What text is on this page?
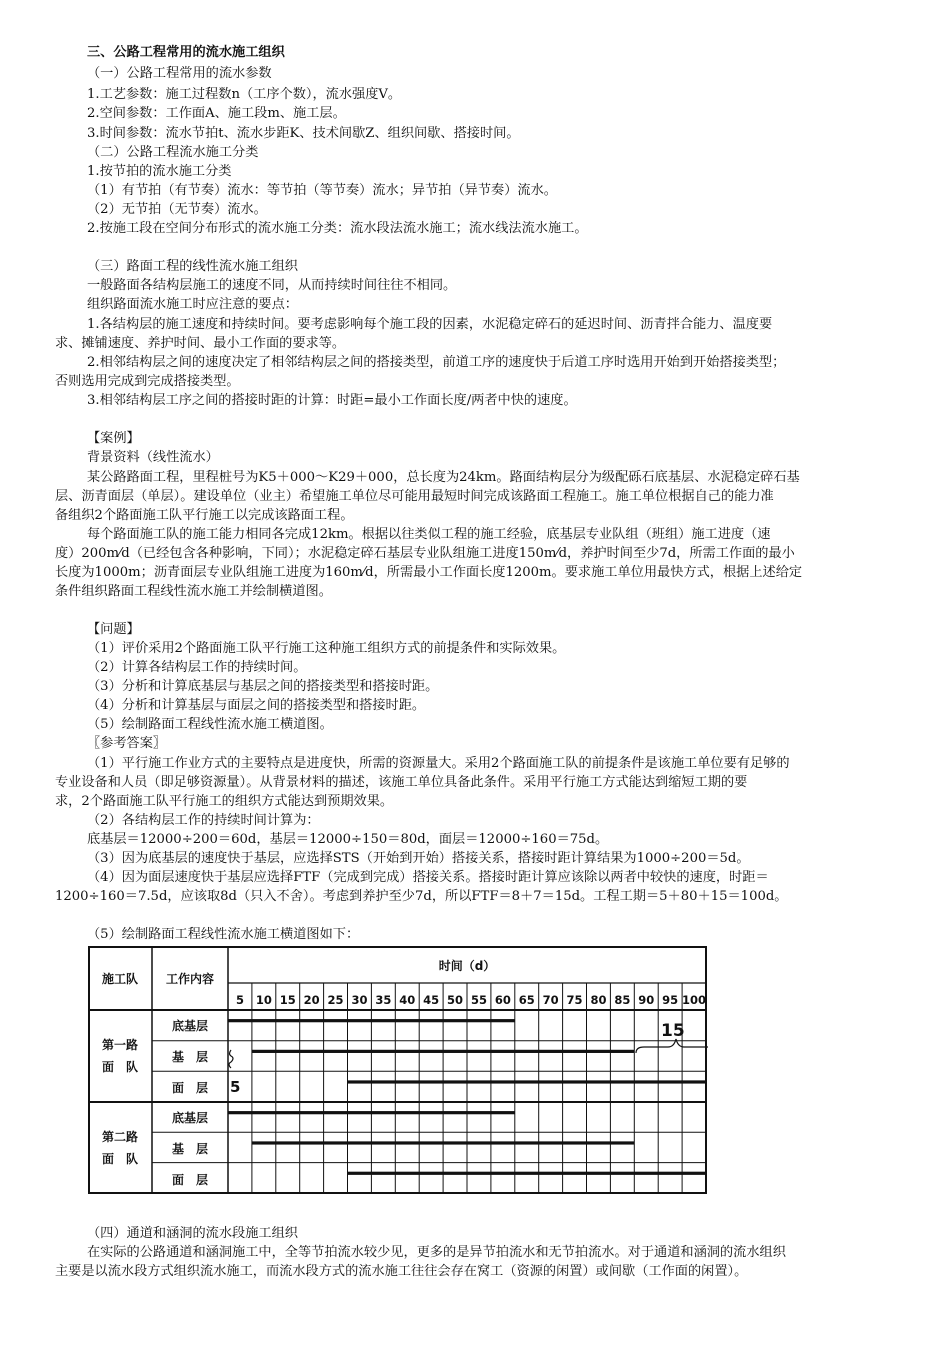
三、公路工程常用的流水施工组织
（一）公路工程常用的流水参数
1.工艺参数：施工过程数n（工序个数），流水强度V。
2.空间参数：工作面A、施工段m、施工层。
3.时间参数：流水节拍t、流水步距K、技术间歇Z、组织间歇、搭接时间。
（二）公路工程流水施工分类
1.按节拍的流水施工分类
（1）有节拍（有节奏）流水：等节拍（等节奏）流水；异节拍（异节奏）流水。
（2）无节拍（无节奏）流水。
2.按施工段在空间分布形式的流水施工分类：流水段法流水施工；流水线法流水施工。
（三）路面工程的线性流水施工组织
一般路面各结构层施工的速度不同，从而持续时间往往不相同。
组织路面流水施工时应注意的要点：
1.各结构层的施工速度和持续时间。要考虑影响每个施工段的因素，水泥稳定碎石的延迟时间、沥青拌合能力、温度要
求、摊铺速度、养护时间、最小工作面的要求等。
2.相邻结构层之间的速度决定了相邻结构层之间的搭接类型，前道工序的速度快于后道工序时选用开始到开始搭接类型；
否则选用完成到完成搭接类型。
3.相邻结构层工序之间的搭接时距的计算：时距=最小工作面长度/两者中快的速度。
【案例】
背景资料（线性流水）
某公路路面工程，里程桩号为K5＋000～K29＋000，总长度为24km。路面结构层分为级配砾石底基层、水泥稳定碎石基
层、沥青面层（单层）。建设单位（业主）希望施工单位尽可能用最短时间完成该路面工程施工。施工单位根据自己的能力准
备组织2个路面施工队平行施工以完成该路面工程。
每个路面施工队的施工能力相同各完成12km。根据以往类似工程的施工经验，底基层专业队组（班组）施工进度（速
度）200m⁄d（已经包含各种影响，下同）；水泥稳定碎石基层专业队组施工进度150m⁄d，养护时间至少7d，所需工作面的最小
长度为1000m；沥青面层专业队组施工进度为160m⁄d，所需最小工作面长度1200m。要求施工单位用最快方式，根据上述给定
条件组织路面工程线性流水施工并绘制横道图。
【问题】
（1）评价采用2个路面施工队平行施工这种施工组织方式的前提条件和实际效果。
（2）计算各结构层工作的持续时间。
（3）分析和计算底基层与基层之间的搭接类型和搭接时距。
（4）分析和计算基层与面层之间的搭接类型和搭接时距。
（5）绘制路面工程线性流水施工横道图。
〖参考答案〗
（1）平行施工作业方式的主要特点是进度快，所需的资源量大。采用2个路面施工队的前提条件是该施工单位要有足够的
专业设备和人员（即足够资源量）。从背景材料的描述，该施工单位具备此条件。采用平行施工方式能达到缩短工期的要
求，2个路面施工队平行施工的组织方式能达到预期效果。
（2）各结构层工作的持续时间计算为：
底基层＝12000÷200＝60d，基层＝12000÷150＝80d，面层＝12000÷160＝75d。
（3）因为底基层的速度快于基层，应选择STS（开始到开始）搭接关系，搭接时距计算结果为1000÷200＝5d。
（4）因为面层速度快于基层应选择FTF（完成到完成）搭接关系。搭接时距计算应该除以两者中较快的速度，时距＝
1200÷160＝7.5d，应该取8d（只入不舍）。考虑到养护至少7d，所以FTF＝8＋7＝15d。工程工期＝5＋80＋15＝100d。
（5）绘制路面工程线性流水施工横道图如下：
5 10 15 20 25 30 35 40 45 50 55 60 65 70 75 80 85 90 95 100
施工队 工作内容
时间（d）
第一路
面　队
第二路
面　队
底基层
基　层
面　层
底基层
基　层
面　层
5
15
（四）通道和涵洞的流水段施工组织
在实际的公路通道和涵洞施工中，全等节拍流水较少见，更多的是异节拍流水和无节拍流水。对于通道和涵洞的流水组织
主要是以流水段方式组织流水施工，而流水段方式的流水施工往往会存在窝工（资源的闲置）或间歇（工作面的闲置）。
